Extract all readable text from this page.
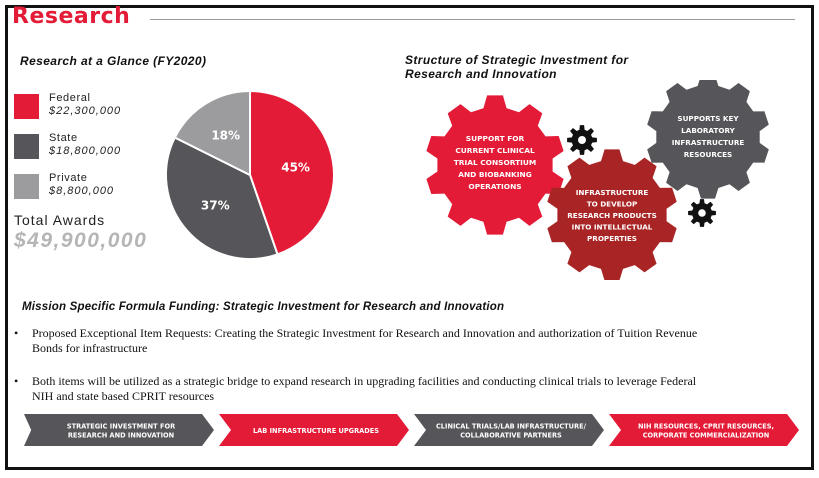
Research
Research at a Glance (FY2020)	Structure of Strategic Investment for
Research and Innovation
Federal
$22,300,000
State
$18,800,000
Private
$8,800,000
Total Awards
$49,900,000
45%
37%
18%	SUPPORT FOR
CURRENT CLINICAL
TRIAL CONSORTIUM
AND BIOBANKING
OPERATIONS
SUPPORTS KEY
LABORATORY
INFRASTRUCTURE
RESOURCES
INFRASTRUCTURE
TO DEVELOP
RESEARCH PRODUCTS
INTO INTELLECTUAL
PROPERTIES
Mission Specific Formula Funding: Strategic Investment for Research and Innovation
• Proposed Exceptional Item Requests: Creating the Strategic Investment for Research and Innovation and authorization of Tuition Revenue Bonds for infrastructure
• Both items will be utilized as a strategic bridge to expand research in upgrading facilities and conducting clinical trials to leverage Federal NIH and state based CPRIT resources
STRATEGIC INVESTMENT FOR
RESEARCH AND INNOVATION
LAB INFRASTRUCTURE UPGRADES
CLINICAL TRIALS/LAB INFRASTRUCTURE/
COLLABORATIVE PARTNERS
NIH RESOURCES, CPRIT RESOURCES,
CORPORATE COMMERCIALIZATION
